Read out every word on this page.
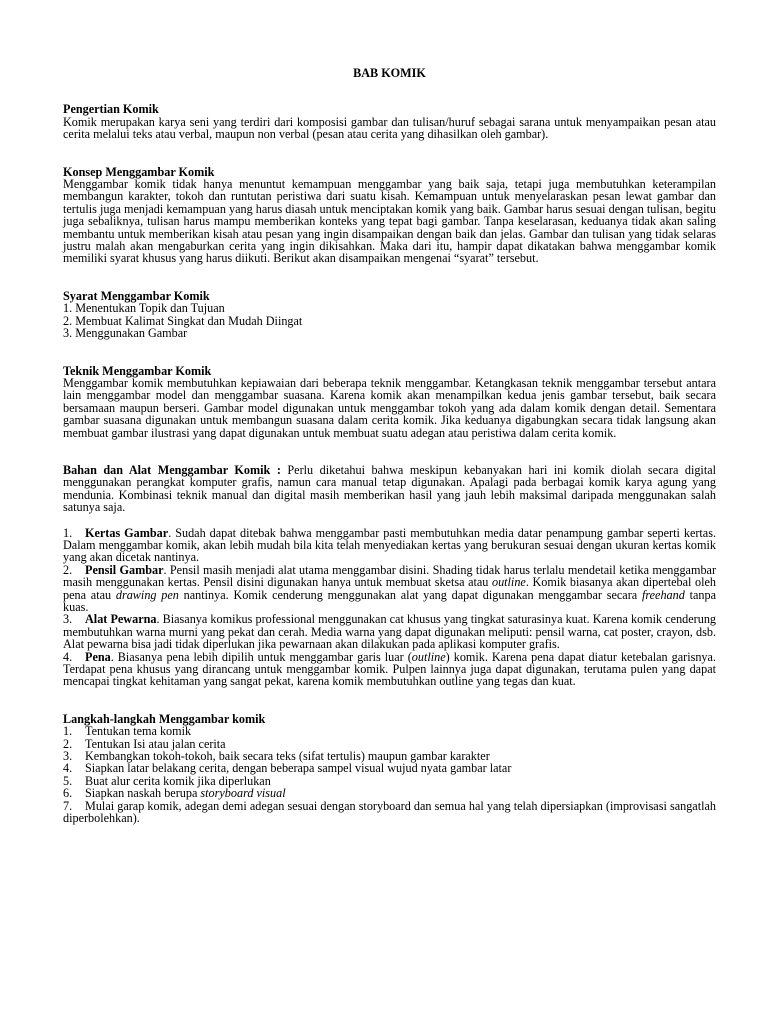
BAB KOMIK
Pengertian Komik

Komik merupakan karya seni yang terdiri dari komposisi gambar dan tulisan/huruf sebagai sarana untuk menyampaikan pesan atau cerita melalui teks atau verbal, maupun non verbal (pesan atau cerita yang dihasilkan oleh gambar).

Konsep Menggambar Komik

Menggambar komik tidak hanya menuntut kemampuan menggambar yang baik saja, tetapi juga membutuhkan keterampilan membangun karakter, tokoh dan runtutan peristiwa dari suatu kisah. Kemampuan untuk menyelaraskan pesan lewat gambar dan tertulis juga menjadi kemampuan yang harus diasah untuk menciptakan komik yang baik. Gambar harus sesuai dengan tulisan, begitu juga sebaliknya, tulisan harus mampu memberikan konteks yang tepat bagi gambar. Tanpa keselarasan, keduanya tidak akan saling membantu untuk memberikan kisah atau pesan yang ingin disampaikan dengan baik dan jelas. Gambar dan tulisan yang tidak selaras justru malah akan mengaburkan cerita yang ingin dikisahkan. Maka dari itu, hampir dapat dikatakan bahwa menggambar komik memiliki syarat khusus yang harus diikuti. Berikut akan disampaikan mengenai “syarat” tersebut.

Syarat Menggambar Komik
1. Menentukan Topik dan Tujuan
2. Membuat Kalimat Singkat dan Mudah Diingat
3. Menggunakan Gambar
Teknik Menggambar Komik

Menggambar komik membutuhkan kepiawaian dari beberapa teknik menggambar. Ketangkasan teknik menggambar tersebut antara lain menggambar model dan menggambar suasana. Karena komik akan menampilkan kedua jenis gambar tersebut, baik secara bersamaan maupun berseri. Gambar model digunakan untuk menggambar tokoh yang ada dalam komik dengan detail. Sementara gambar suasana digunakan untuk membangun suasana dalam cerita komik. Jika keduanya digabungkan secara tidak langsung akan membuat gambar ilustrasi yang dapat digunakan untuk membuat suatu adegan atau peristiwa dalam cerita komik.

Bahan dan Alat Menggambar Komik : Perlu diketahui bahwa meskipun kebanyakan hari ini komik diolah secara digital menggunakan perangkat komputer grafis, namun cara manual tetap digunakan. Apalagi pada berbagai komik karya agung yang mendunia. Kombinasi teknik manual dan digital masih memberikan hasil yang jauh lebih maksimal daripada menggunakan salah satunya saja.

1. Kertas Gambar. Sudah dapat ditebak bahwa menggambar pasti membutuhkan media datar penampung gambar seperti kertas. Dalam menggambar komik, akan lebih mudah bila kita telah menyediakan kertas yang berukuran sesuai dengan ukuran kertas komik yang akan dicetak nantinya.

2. Pensil Gambar. Pensil masih menjadi alat utama menggambar disini. Shading tidak harus terlalu mendetail ketika menggambar masih menggunakan kertas. Pensil disini digunakan hanya untuk membuat sketsa atau outline. Komik biasanya akan dipertebal oleh pena atau drawing pen nantinya. Komik cenderung menggunakan alat yang dapat digunakan menggambar secara freehand tanpa kuas.

3. Alat Pewarna. Biasanya komikus professional menggunakan cat khusus yang tingkat saturasinya kuat. Karena komik cenderung membutuhkan warna murni yang pekat dan cerah. Media warna yang dapat digunakan meliputi: pensil warna, cat poster, crayon, dsb. Alat pewarna bisa jadi tidak diperlukan jika pewarnaan akan dilakukan pada aplikasi komputer grafis.

4. Pena. Biasanya pena lebih dipilih untuk menggambar garis luar (outline) komik. Karena pena dapat diatur ketebalan garisnya. Terdapat pena khusus yang dirancang untuk menggambar komik. Pulpen lainnya juga dapat digunakan, terutama pulen yang dapat mencapai tingkat kehitaman yang sangat pekat, karena komik membutuhkan outline yang tegas dan kuat.

Langkah-langkah Menggambar komik
1. Tentukan tema komik
2. Tentukan Isi atau jalan cerita
3. Kembangkan tokoh-tokoh, baik secara teks (sifat tertulis) maupun gambar karakter
4. Siapkan latar belakang cerita, dengan beberapa sampel visual wujud nyata gambar latar
5. Buat alur cerita komik jika diperlukan
6. Siapkan naskah berupa storyboard visual

7. Mulai garap komik, adegan demi adegan sesuai dengan storyboard dan semua hal yang telah dipersiapkan (improvisasi sangatlah diperbolehkan).
